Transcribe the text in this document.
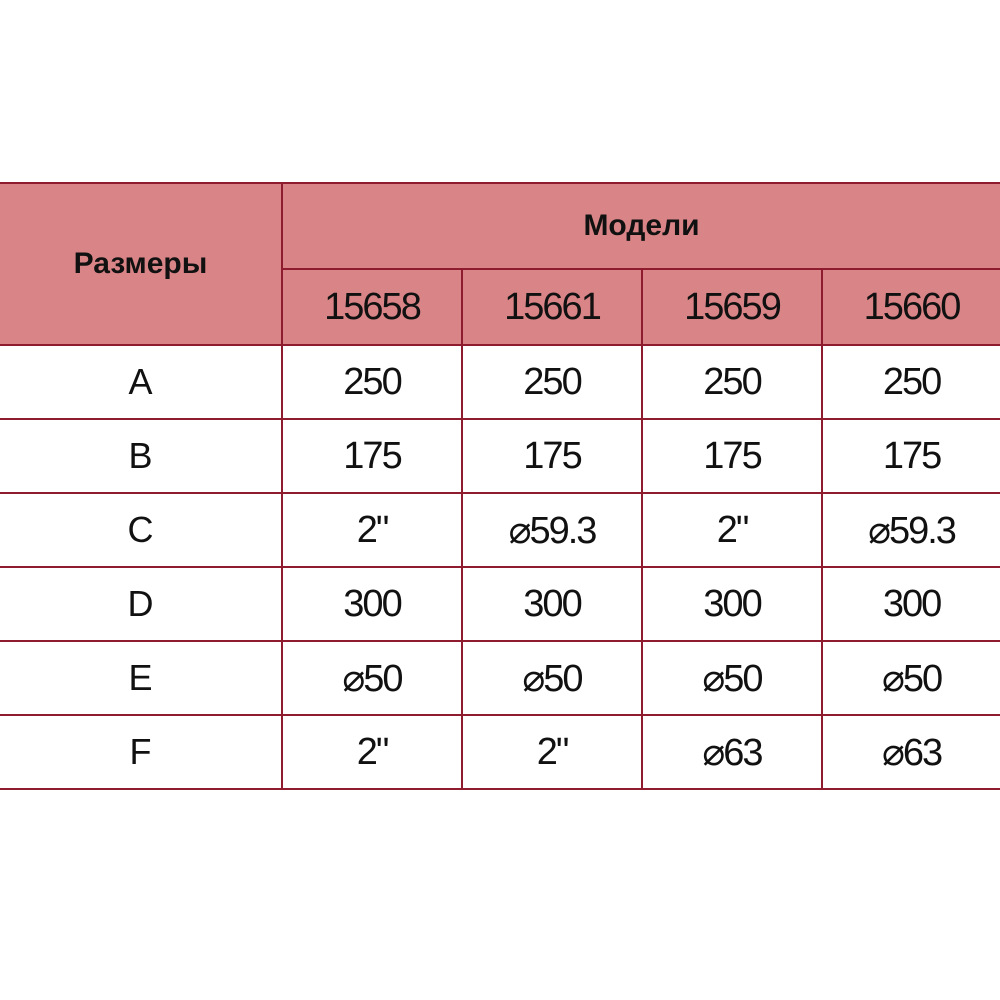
Размеры	Модели			
	15658	15661	15659	15660
A	250	250	250	250
B	175	175	175	175
C	2"	⌀59.3	2"	⌀59.3
D	300	300	300	300
E	⌀50	⌀50	⌀50	⌀50
F	2"	2"	⌀63	⌀63
